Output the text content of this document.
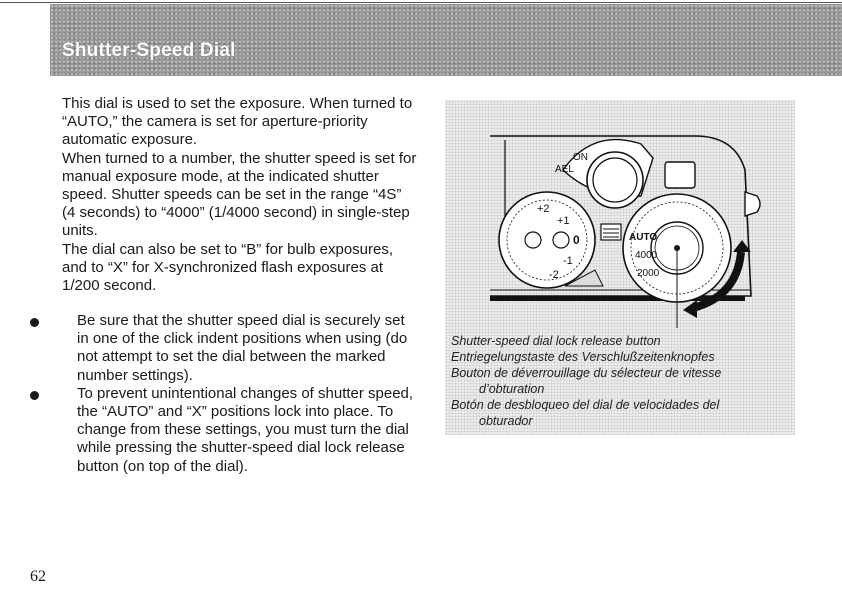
Shutter-Speed Dial

This dial is used to set the exposure. When turned to “AUTO,” the camera is set for aperture-priority automatic exposure.

When turned to a number, the shutter speed is set for manual exposure mode, at the indicated shutter speed. Shutter speeds can be set in the range “4S” (4 seconds) to “4000” (1/4000 second) in single-step units.

The dial can also be set to “B” for bulb exposures, and to “X” for X-synchronized flash exposures at 1/200 second.

Be sure that the shutter speed dial is securely set in one of the click indent positions when using (do not attempt to set the dial between the marked number settings).
To prevent unintentional changes of shutter speed, the “AUTO” and “X” positions lock into place. To change from these settings, you must turn the dial while pressing the shutter-speed dial lock release button (on top of the dial).
ON
AEL
+2
+1
0
-1
-2
AUTO
4000
2000
Shutter-speed dial lock release button
Entriegelungstaste des Verschlußzeitenknopfes
Bouton de déverrouillage du sélecteur de vitesse
d’obturation
Botón de desbloqueo del dial de velocidades del
obturador
62
